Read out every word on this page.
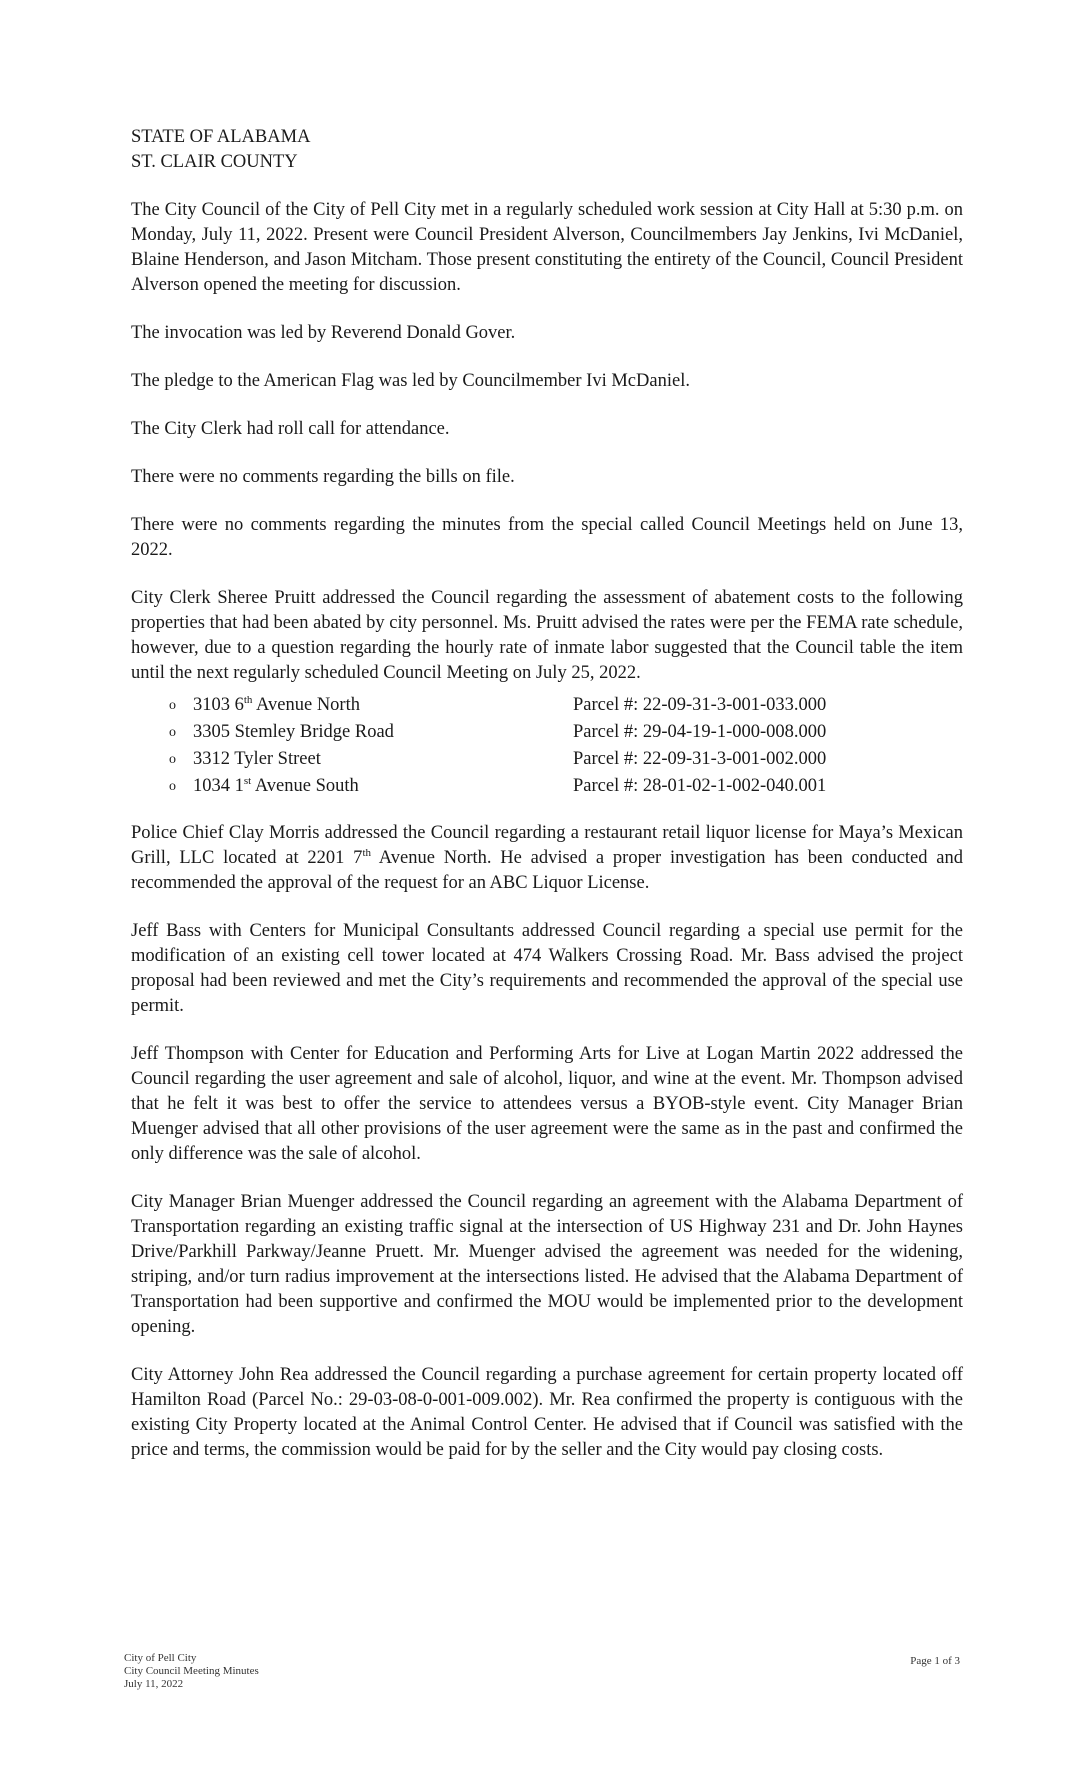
STATE OF ALABAMA
ST. CLAIR COUNTY

The City Council of the City of Pell City met in a regularly scheduled work session at City Hall at 5:30 p.m. on Monday, July 11, 2022. Present were Council President Alverson, Councilmembers Jay Jenkins, Ivi McDaniel, Blaine Henderson, and Jason Mitcham. Those present constituting the entirety of the Council, Council President Alverson opened the meeting for discussion.

The invocation was led by Reverend Donald Gover.

The pledge to the American Flag was led by Councilmember Ivi McDaniel.

The City Clerk had roll call for attendance.

There were no comments regarding the bills on file.

There were no comments regarding the minutes from the special called Council Meetings held on June 13, 2022.

City Clerk Sheree Pruitt addressed the Council regarding the assessment of abatement costs to the following properties that had been abated by city personnel. Ms. Pruitt advised the rates were per the FEMA rate schedule, however, due to a question regarding the hourly rate of inmate labor suggested that the Council table the item until the next regularly scheduled Council Meeting on July 25, 2022.

o 3103 6th Avenue North	Parcel #: 22-09-31-3-001-033.000
o 3305 Stemley Bridge Road	Parcel #: 29-04-19-1-000-008.000
o 3312 Tyler Street	Parcel #: 22-09-31-3-001-002.000
o 1034 1st Avenue South	Parcel #: 28-01-02-1-002-040.001

Police Chief Clay Morris addressed the Council regarding a restaurant retail liquor license for Maya’s Mexican Grill, LLC located at 2201 7th Avenue North. He advised a proper investigation has been conducted and recommended the approval of the request for an ABC Liquor License.

Jeff Bass with Centers for Municipal Consultants addressed Council regarding a special use permit for the modification of an existing cell tower located at 474 Walkers Crossing Road. Mr. Bass advised the project proposal had been reviewed and met the City’s requirements and recommended the approval of the special use permit.

Jeff Thompson with Center for Education and Performing Arts for Live at Logan Martin 2022 addressed the Council regarding the user agreement and sale of alcohol, liquor, and wine at the event. Mr. Thompson advised that he felt it was best to offer the service to attendees versus a BYOB-style event. City Manager Brian Muenger advised that all other provisions of the user agreement were the same as in the past and confirmed the only difference was the sale of alcohol.

City Manager Brian Muenger addressed the Council regarding an agreement with the Alabama Department of Transportation regarding an existing traffic signal at the intersection of US Highway 231 and Dr. John Haynes Drive/Parkhill Parkway/Jeanne Pruett. Mr. Muenger advised the agreement was needed for the widening, striping, and/or turn radius improvement at the intersections listed. He advised that the Alabama Department of Transportation had been supportive and confirmed the MOU would be implemented prior to the development opening.

City Attorney John Rea addressed the Council regarding a purchase agreement for certain property located off Hamilton Road (Parcel No.: 29-03-08-0-001-009.002). Mr. Rea confirmed the property is contiguous with the existing City Property located at the Animal Control Center. He advised that if Council was satisfied with the price and terms, the commission would be paid for by the seller and the City would pay closing costs.

City of Pell City
City Council Meeting Minutes
July 11, 2022
Page 1 of 3
